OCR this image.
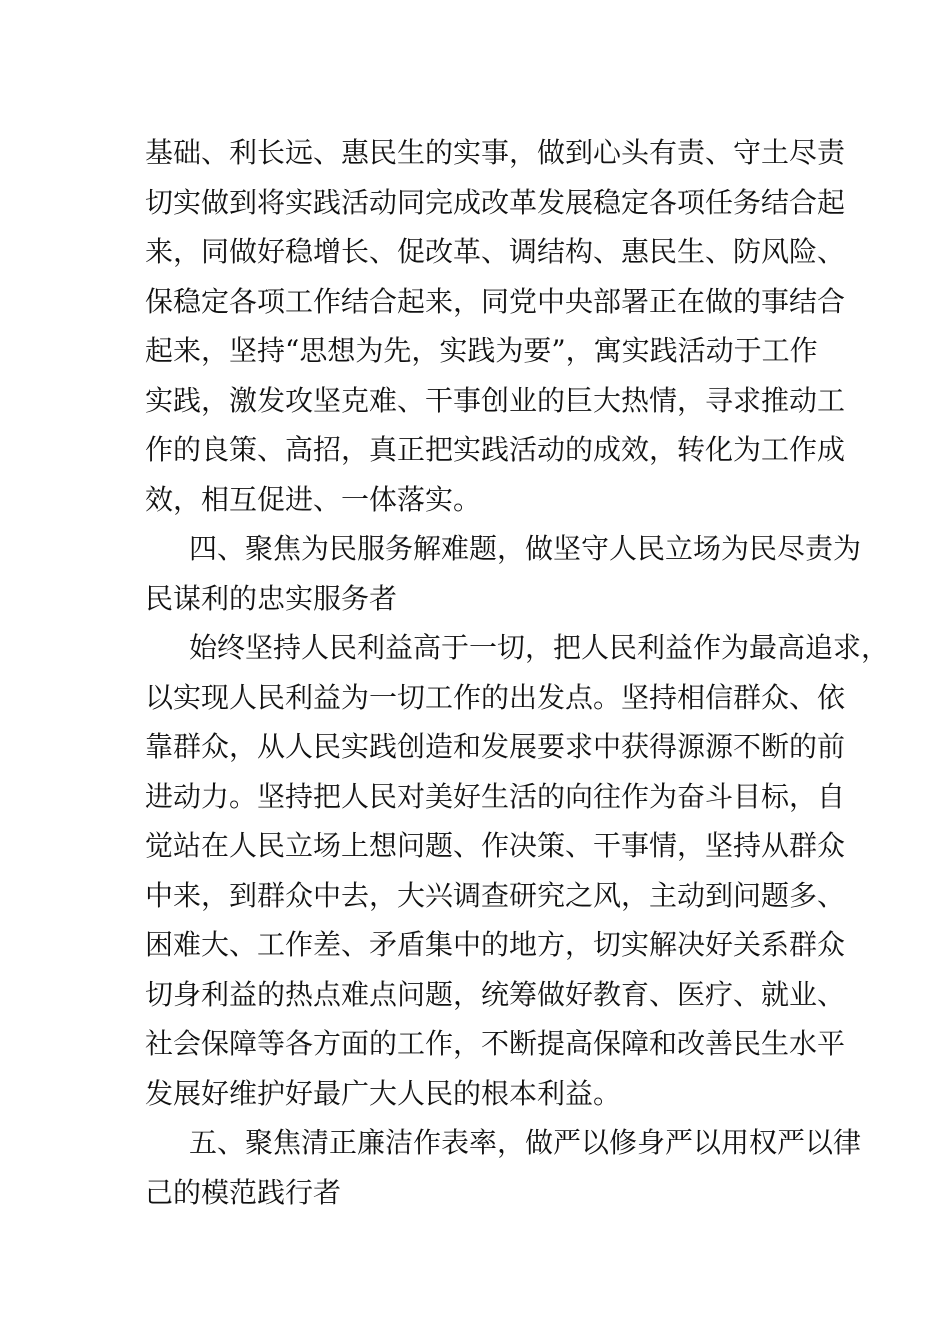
基础、利长远、惠民生的实事，做到心头有责、守土尽责
切实做到将实践活动同完成改革发展稳定各项任务结合起
来，同做好稳增长、促改革、调结构、惠民生、防风险、
保稳定各项工作结合起来，同党中央部署正在做的事结合
起来，坚持“思想为先，实践为要”，寓实践活动于工作
实践，激发攻坚克难、干事创业的巨大热情，寻求推动工
作的良策、高招，真正把实践活动的成效，转化为工作成
效，相互促进、一体落实。
四、聚焦为民服务解难题，做坚守人民立场为民尽责为
民谋利的忠实服务者
始终坚持人民利益高于一切，把人民利益作为最高追求，
以实现人民利益为一切工作的出发点。坚持相信群众、依
靠群众，从人民实践创造和发展要求中获得源源不断的前
进动力。坚持把人民对美好生活的向往作为奋斗目标，自
觉站在人民立场上想问题、作决策、干事情，坚持从群众
中来，到群众中去，大兴调查研究之风，主动到问题多、
困难大、工作差、矛盾集中的地方，切实解决好关系群众
切身利益的热点难点问题，统筹做好教育、医疗、就业、
社会保障等各方面的工作，不断提高保障和改善民生水平
发展好维护好最广大人民的根本利益。
五、聚焦清正廉洁作表率，做严以修身严以用权严以律
己的模范践行者
